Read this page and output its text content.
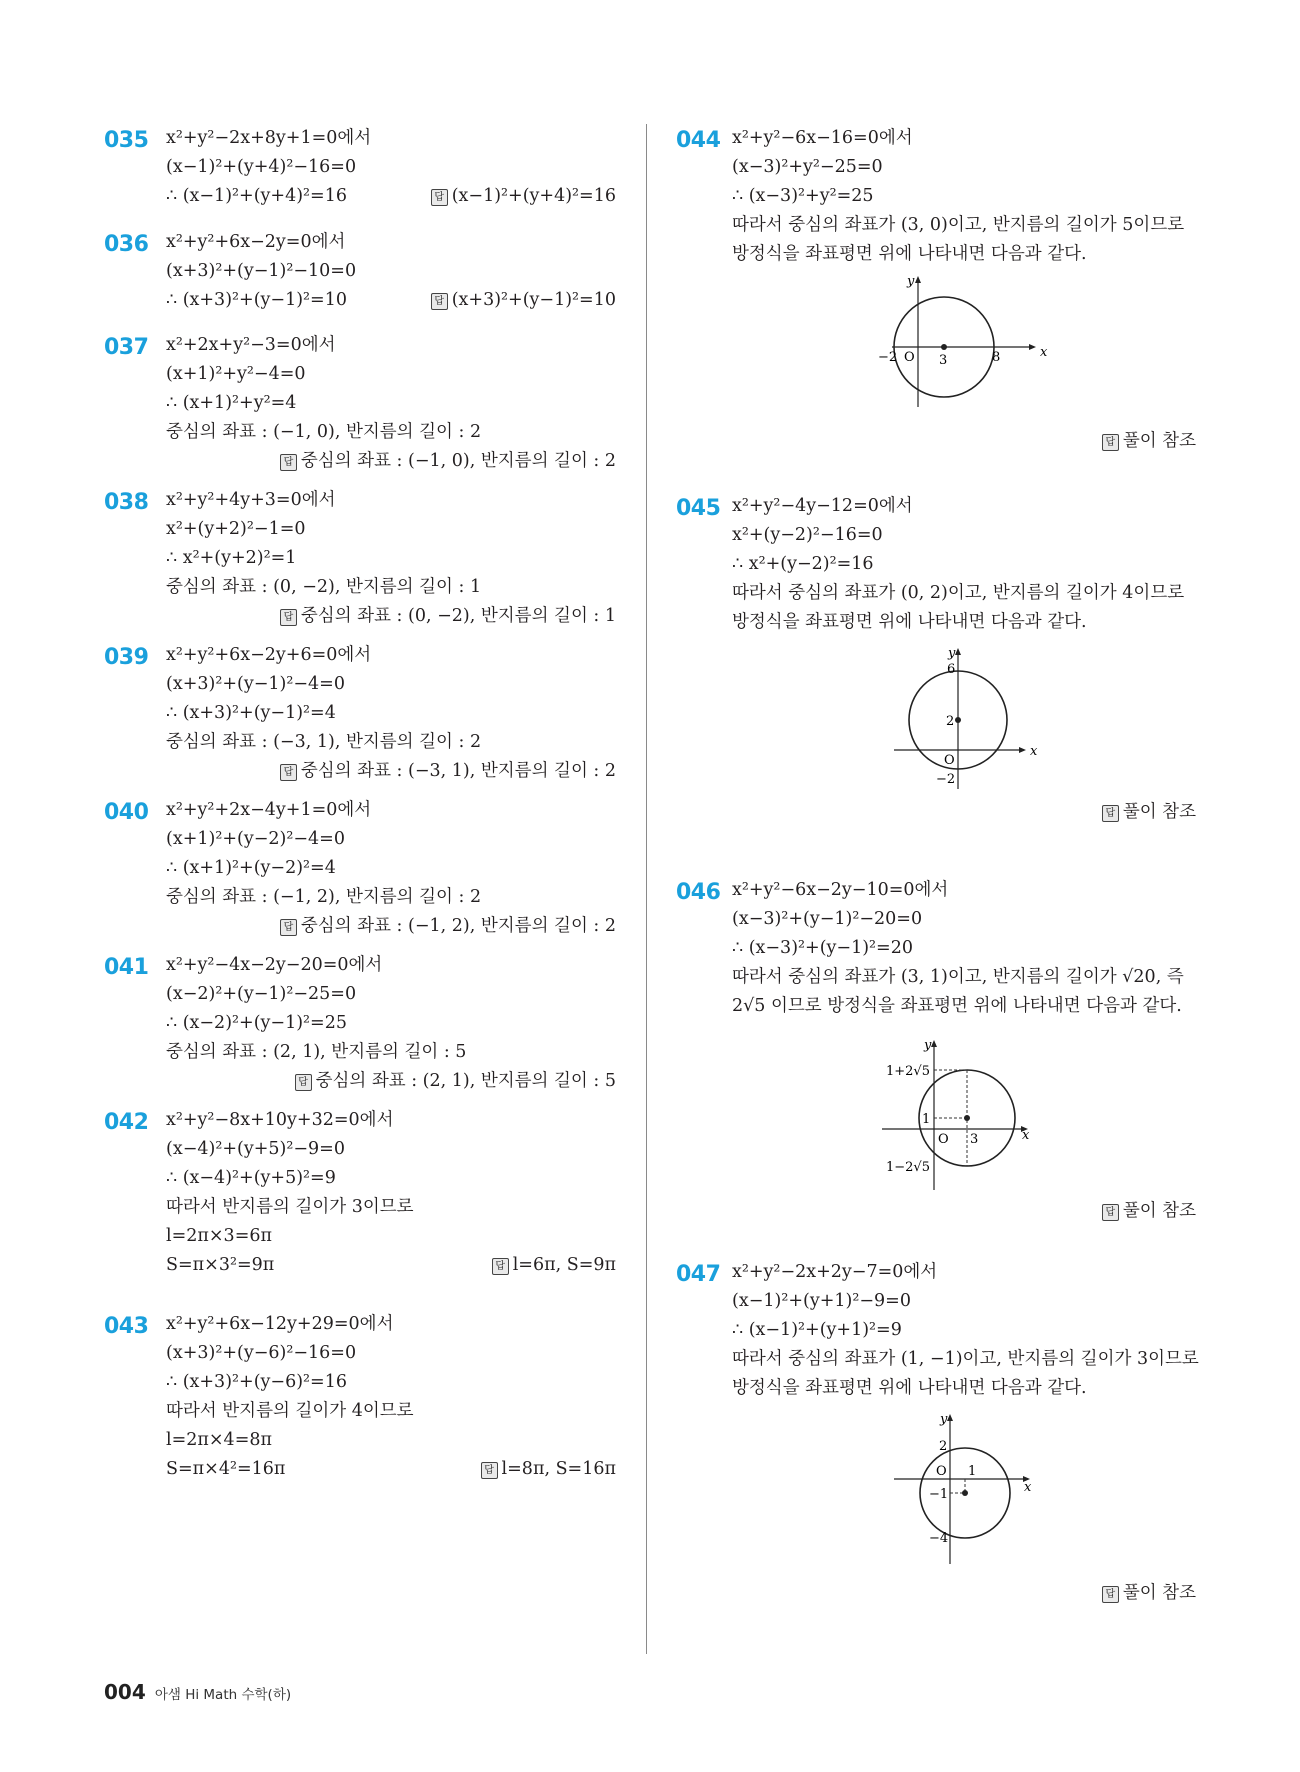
035 x²+y²−2x+8y+1=0에서
(x−1)²+(y+4)²−16=0
∴ (x−1)²+(y+4)²=16	답 (x−1)²+(y+4)²=16
036 x²+y²+6x−2y=0에서
(x+3)²+(y−1)²−10=0
∴ (x+3)²+(y−1)²=10	답 (x+3)²+(y−1)²=10
037 x²+2x+y²−3=0에서
(x+1)²+y²−4=0
∴ (x+1)²+y²=4
중심의 좌표 : (−1, 0), 반지름의 길이 : 2
답 중심의 좌표 : (−1, 0), 반지름의 길이 : 2
038 x²+y²+4y+3=0에서
x²+(y+2)²−1=0
∴ x²+(y+2)²=1
중심의 좌표 : (0, −2), 반지름의 길이 : 1
답 중심의 좌표 : (0, −2), 반지름의 길이 : 1
039 x²+y²+6x−2y+6=0에서
(x+3)²+(y−1)²−4=0
∴ (x+3)²+(y−1)²=4
중심의 좌표 : (−3, 1), 반지름의 길이 : 2
답 중심의 좌표 : (−3, 1), 반지름의 길이 : 2
040 x²+y²+2x−4y+1=0에서
(x+1)²+(y−2)²−4=0
∴ (x+1)²+(y−2)²=4
중심의 좌표 : (−1, 2), 반지름의 길이 : 2
답 중심의 좌표 : (−1, 2), 반지름의 길이 : 2
041 x²+y²−4x−2y−20=0에서
(x−2)²+(y−1)²−25=0
∴ (x−2)²+(y−1)²=25
중심의 좌표 : (2, 1), 반지름의 길이 : 5
답 중심의 좌표 : (2, 1), 반지름의 길이 : 5
042 x²+y²−8x+10y+32=0에서
(x−4)²+(y+5)²−9=0
∴ (x−4)²+(y+5)²=9
따라서 반지름의 길이가 3이므로
l=2π×3=6π
S=π×3²=9π	답 l=6π, S=9π
043 x²+y²+6x−12y+29=0에서
(x+3)²+(y−6)²−16=0
∴ (x+3)²+(y−6)²=16
따라서 반지름의 길이가 4이므로
l=2π×4=8π
S=π×4²=16π	답 l=8π, S=16π
044 x²+y²−6x−16=0에서
(x−3)²+y²−25=0
∴ (x−3)²+y²=25
따라서 중심의 좌표가 (3, 0)이고, 반지름의 길이가 5이므로
방정식을 좌표평면 위에 나타내면 다음과 같다.
y
x
O
−2	3	8
답 풀이 참조
045 x²+y²−4y−12=0에서
x²+(y−2)²−16=0
∴ x²+(y−2)²=16
따라서 중심의 좌표가 (0, 2)이고, 반지름의 길이가 4이므로
방정식을 좌표평면 위에 나타내면 다음과 같다.
y
x
O
6
2
−2
답 풀이 참조
046 x²+y²−6x−2y−10=0에서
(x−3)²+(y−1)²−20=0
∴ (x−3)²+(y−1)²=20
따라서 중심의 좌표가 (3, 1)이고, 반지름의 길이가 √20, 즉
2√5 이므로 방정식을 좌표평면 위에 나타내면 다음과 같다.
y
x
O
1+2√5
1
3
1−2√5
답 풀이 참조
047 x²+y²−2x+2y−7=0에서
(x−1)²+(y+1)²−9=0
∴ (x−1)²+(y+1)²=9
따라서 중심의 좌표가 (1, −1)이고, 반지름의 길이가 3이므로
방정식을 좌표평면 위에 나타내면 다음과 같다.
y
x
O
2
1
−1
−4
답 풀이 참조
004 아샘 Hi Math 수학(하)
